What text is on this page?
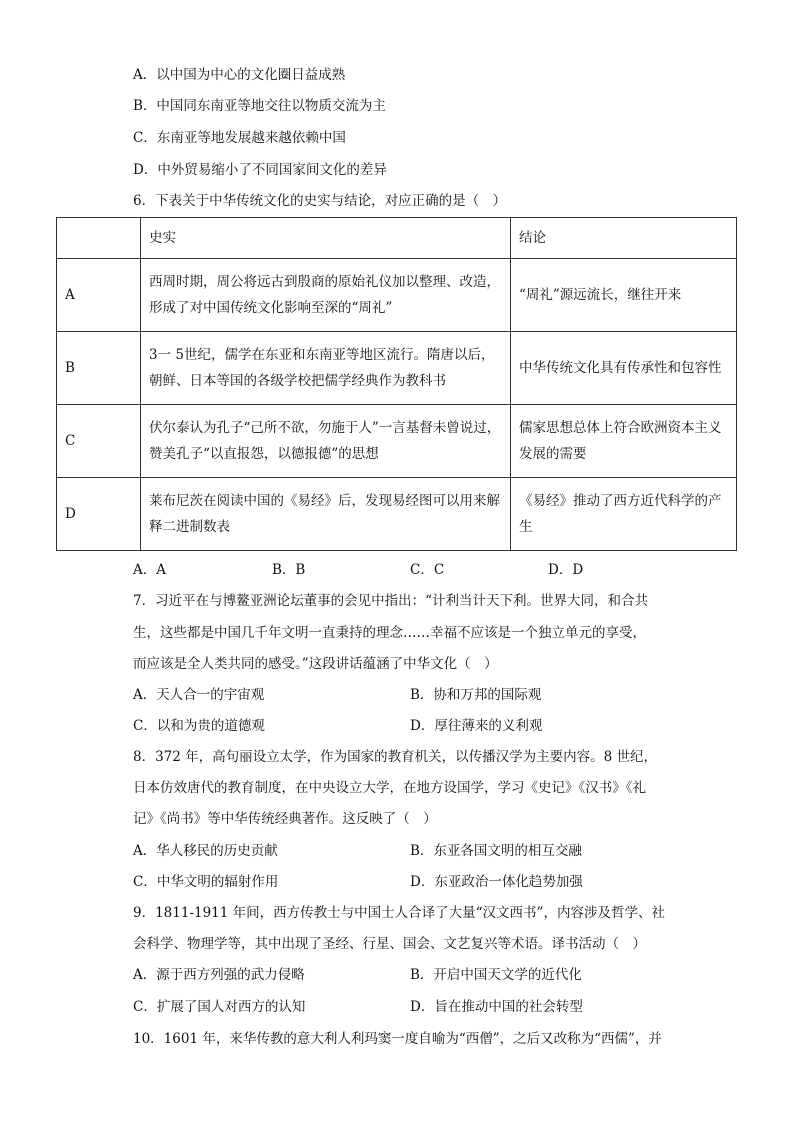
A．以中国为中心的文化圈日益成熟
B．中国同东南亚等地交往以物质交流为主
C．东南亚等地发展越来越依赖中国
D．中外贸易缩小了不同国家间文化的差异
6．下表关于中华传统文化的史实与结论，对应正确的是（　）
	史实	结论
A	西周时期，周公将远古到殷商的原始礼仪加以整理、改造，形成了对中国传统文化影响至深的“周礼”	“周礼”源远流长，继往开来

B	3一 5世纪，儒学在东亚和东南亚等地区流行。隋唐以后，朝鲜、日本等国的各级学校把儒学经典作为教科书	中华传统文化具有传承性和包容性

C	伏尔泰认为孔子“己所不欲，勿施于人”一言基督未曾说过，赞美孔子“以直报怨，以德报德”的思想	儒家思想总体上符合欧洲资本主义发展的需要

D	莱布尼茨在阅读中国的《易经》后，发现易经图可以用来解释二进制数表	《易经》推动了西方近代科学的产生
A．A	B．B	C．C	D．D
7．习近平在与博鳌亚洲论坛董事的会见中指出：“计利当计天下利。世界大同，和合共
生，这些都是中国几千年文明一直秉持的理念……幸福不应该是一个独立单元的享受，
而应该是全人类共同的感受。”这段讲话蕴涵了中华文化（　）
A．天人合一的宇宙观	B．协和万邦的国际观
C．以和为贵的道德观	D．厚往薄来的义利观
8．372 年，高句丽设立太学，作为国家的教育机关，以传播汉学为主要内容。8 世纪，
日本仿效唐代的教育制度，在中央设立大学，在地方设国学，学习《史记》《汉书》《礼
记》《尚书》等中华传统经典著作。这反映了（　）
A．华人移民的历史贡献	B．东亚各国文明的相互交融
C．中华文明的辐射作用	D．东亚政治一体化趋势加强
9．1811-1911 年间，西方传教士与中国士人合译了大量“汉文西书”，内容涉及哲学、社
会科学、物理学等，其中出现了圣经、行星、国会、文艺复兴等术语。译书活动（　）
A．源于西方列强的武力侵略	B．开启中国天文学的近代化
C．扩展了国人对西方的认知	D．旨在推动中国的社会转型
10．1601 年，来华传教的意大利人利玛窦一度自喻为“西僧”，之后又改称为“西儒”，并
